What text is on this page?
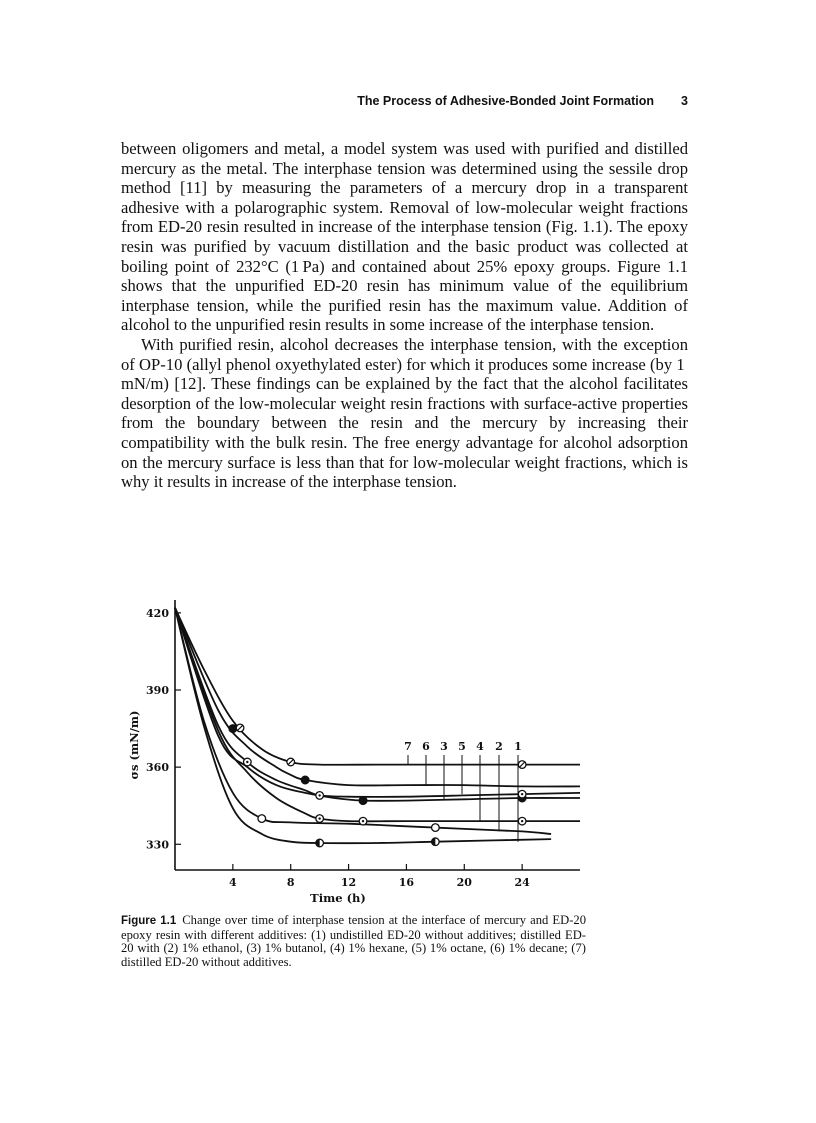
The Process of Adhesive-Bonded Joint Formation 3

between oligomers and metal, a model system was used with purified and distilled mercury as the metal. The interphase tension was determined using the sessile drop method [11] by measuring the parameters of a mercury drop in a transparent adhesive with a polarographic system. Removal of low-molecular weight fractions from ED-20 resin resulted in increase of the interphase tension (Fig. 1.1). The epoxy resin was purified by vacuum distillation and the basic product was collected at boiling point of 232°C (1 Pa) and contained about 25% epoxy groups. Figure 1.1 shows that the unpurified ED-20 resin has minimum value of the equilibrium interphase tension, while the purified resin has the maximum value. Addition of alcohol to the unpurified resin results in some increase of the interphase tension.

With purified resin, alcohol decreases the interphase tension, with the exception of OP-10 (allyl phenol oxyethylated ester) for which it produces some increase (by 1 mN/m) [12]. These findings can be explained by the fact that the alcohol facilitates desorption of the low-molecular weight resin fractions with surface-active properties from the boundary between the resin and the mercury by increasing their compatibility with the bulk resin. The free energy advantage for alcohol adsorption on the mercury surface is less than that for low-molecular weight fractions, which is why it results in increase of the interphase tension.

7 6 3 5 4 2 1
4	8	12	16	20	24
330
360
390
420
Time (h)
σs (mN/m)
Figure 1.1 Change over time of interphase tension at the interface of mercury and ED-20 epoxy resin with different additives: (1) undistilled ED-20 without additives; distilled ED-20 with (2) 1% ethanol, (3) 1% butanol, (4) 1% hexane, (5) 1% octane, (6) 1% decane; (7) distilled ED-20 without additives.
